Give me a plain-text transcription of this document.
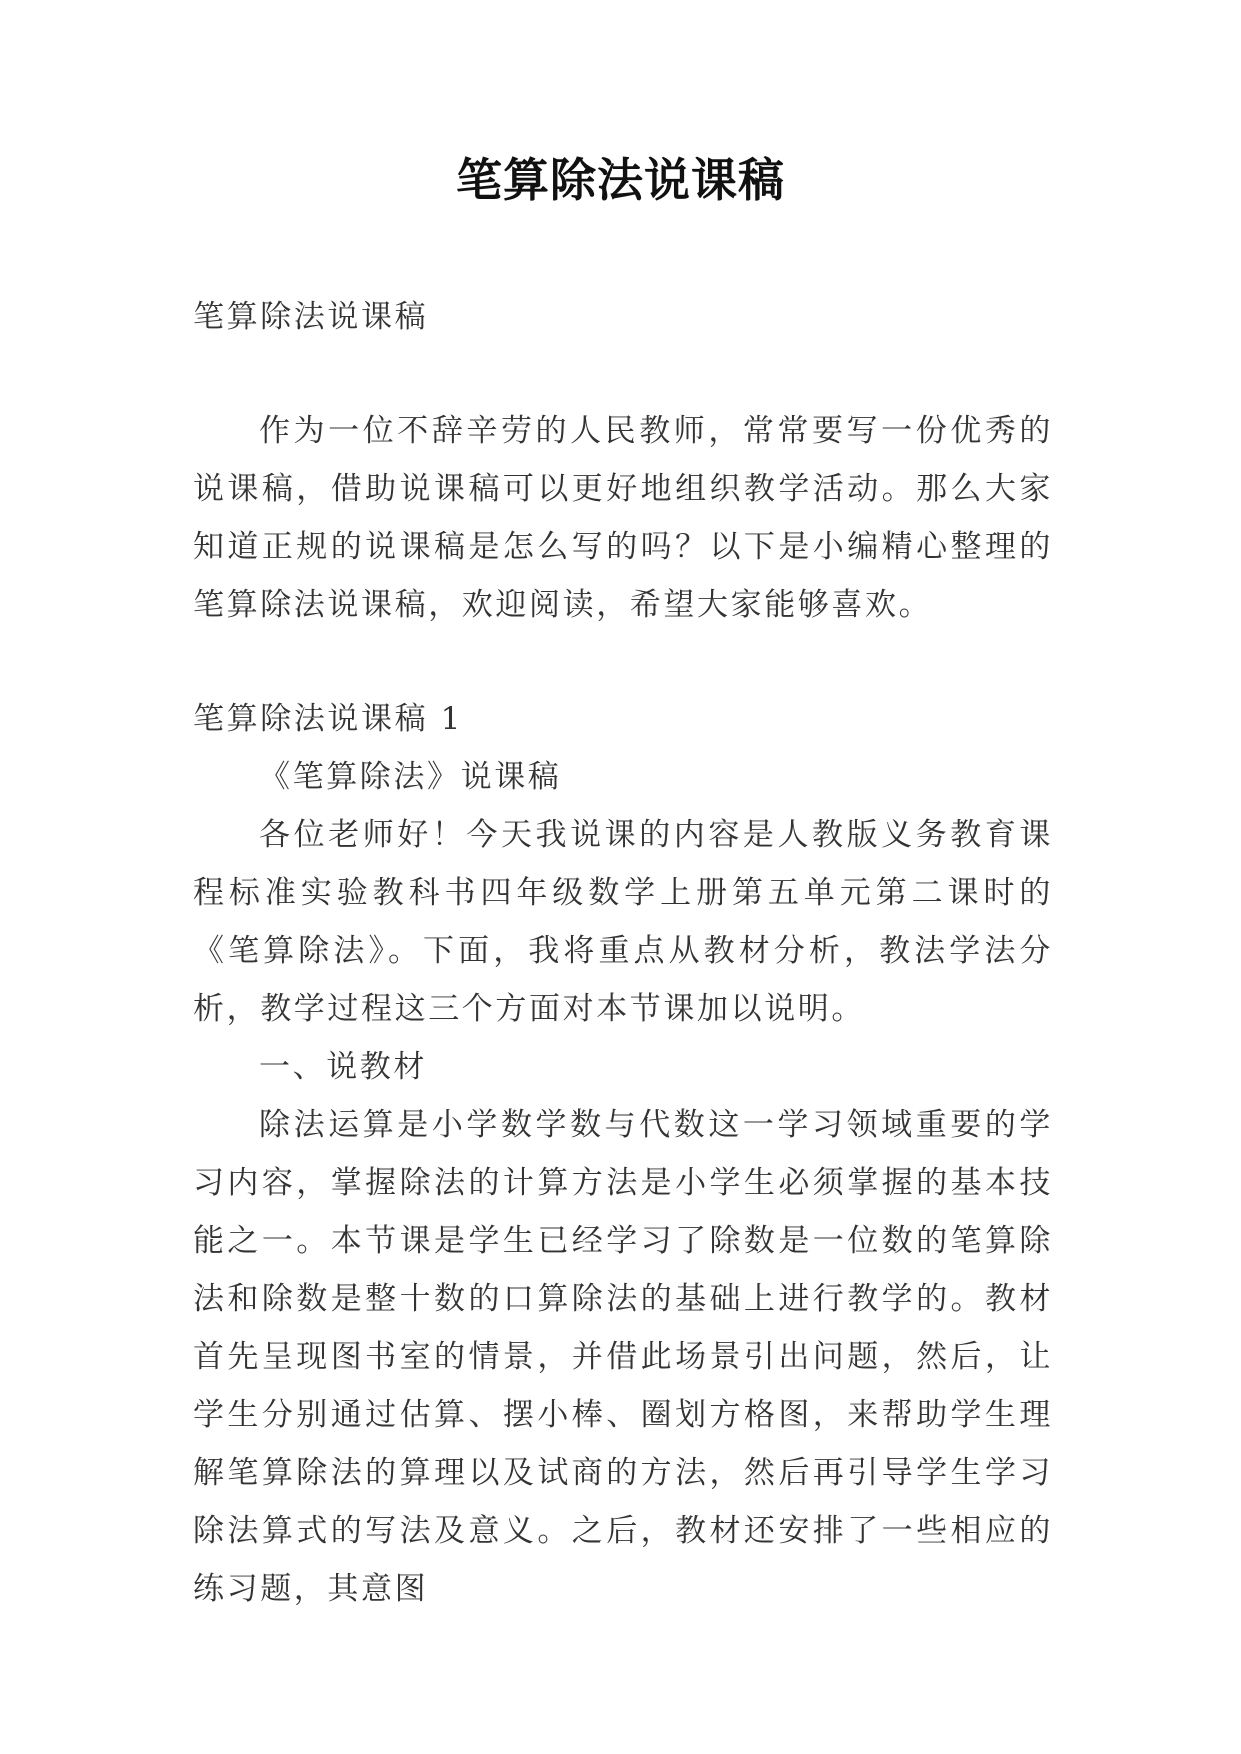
笔算除法说课稿

笔算除法说课稿

作为一位不辞辛劳的人民教师，常常要写一份优秀的说课稿，借助说课稿可以更好地组织教学活动。那么大家知道正规的说课稿是怎么写的吗？以下是小编精心整理的笔算除法说课稿，欢迎阅读，希望大家能够喜欢。

笔算除法说课稿 1

《笔算除法》说课稿

各位老师好！今天我说课的内容是人教版义务教育课程标准实验教科书四年级数学上册第五单元第二课时的《笔算除法》。下面，我将重点从教材分析，教法学法分析，教学过程这三个方面对本节课加以说明。

一、说教材

除法运算是小学数学数与代数这一学习领域重要的学习内容，掌握除法的计算方法是小学生必须掌握的基本技能之一。本节课是学生已经学习了除数是一位数的笔算除法和除数是整十数的口算除法的基础上进行教学的。教材首先呈现图书室的情景，并借此场景引出问题，然后，让学生分别通过估算、摆小棒、圈划方格图，来帮助学生理解笔算除法的算理以及试商的方法，然后再引导学生学习除法算式的写法及意义。之后，教材还安排了一些相应的练习题，其意图
